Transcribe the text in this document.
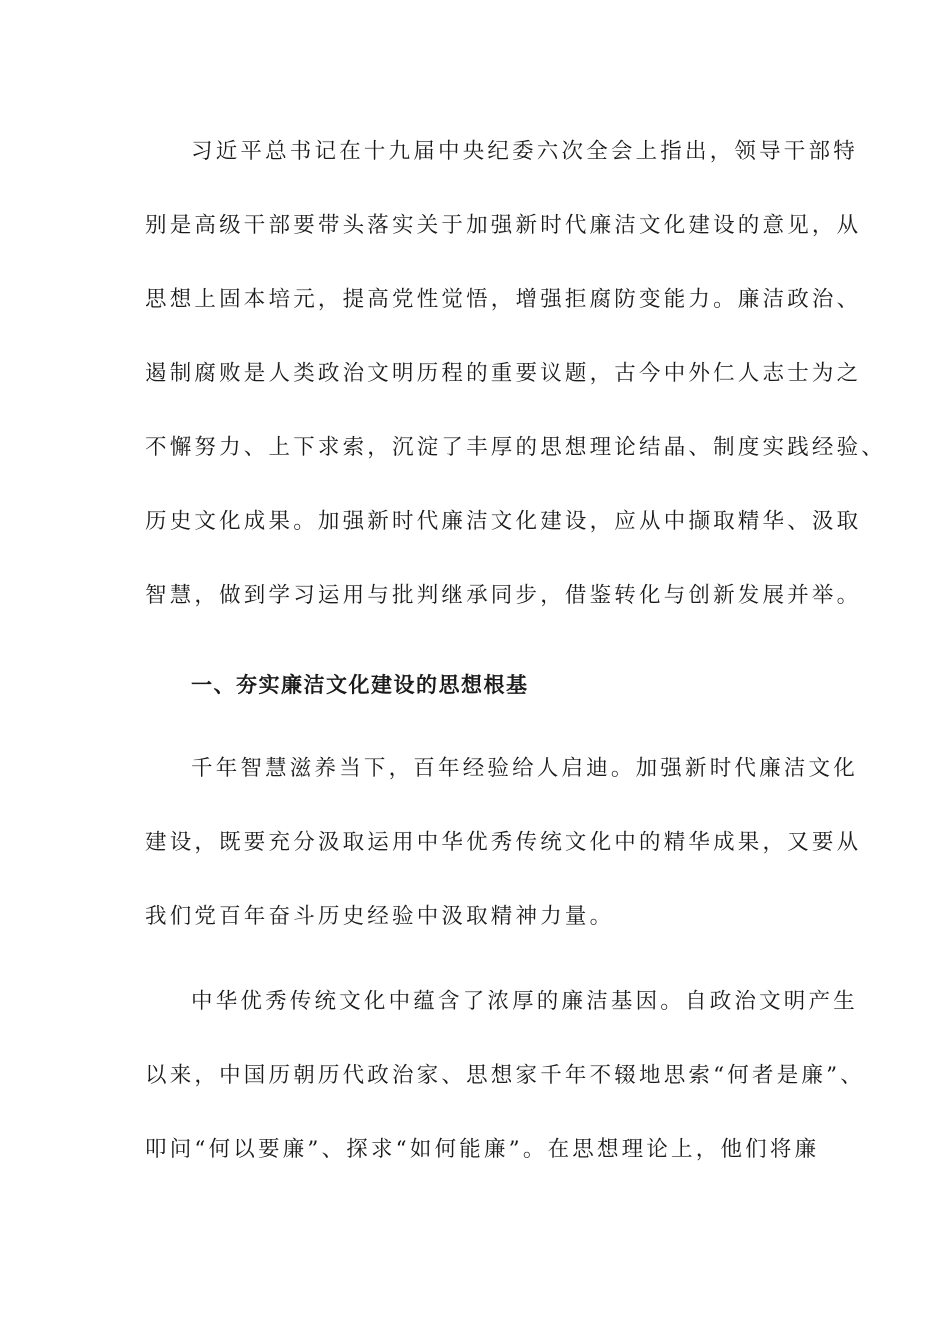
习近平总书记在十九届中央纪委六次全会上指出，领导干部特
别是高级干部要带头落实关于加强新时代廉洁文化建设的意见，从
思想上固本培元，提高党性觉悟，增强拒腐防变能力。廉洁政治、
遏制腐败是人类政治文明历程的重要议题，古今中外仁人志士为之
不懈努力、上下求索，沉淀了丰厚的思想理论结晶、制度实践经验、
历史文化成果。加强新时代廉洁文化建设，应从中撷取精华、汲取
智慧，做到学习运用与批判继承同步，借鉴转化与创新发展并举。
一、夯实廉洁文化建设的思想根基
千年智慧滋养当下，百年经验给人启迪。加强新时代廉洁文化
建设，既要充分汲取运用中华优秀传统文化中的精华成果，又要从
我们党百年奋斗历史经验中汲取精神力量。
中华优秀传统文化中蕴含了浓厚的廉洁基因。自政治文明产生
以来，中国历朝历代政治家、思想家千年不辍地思索“何者是廉”、
叩问“何以要廉”、探求“如何能廉”。在思想理论上，他们将廉
